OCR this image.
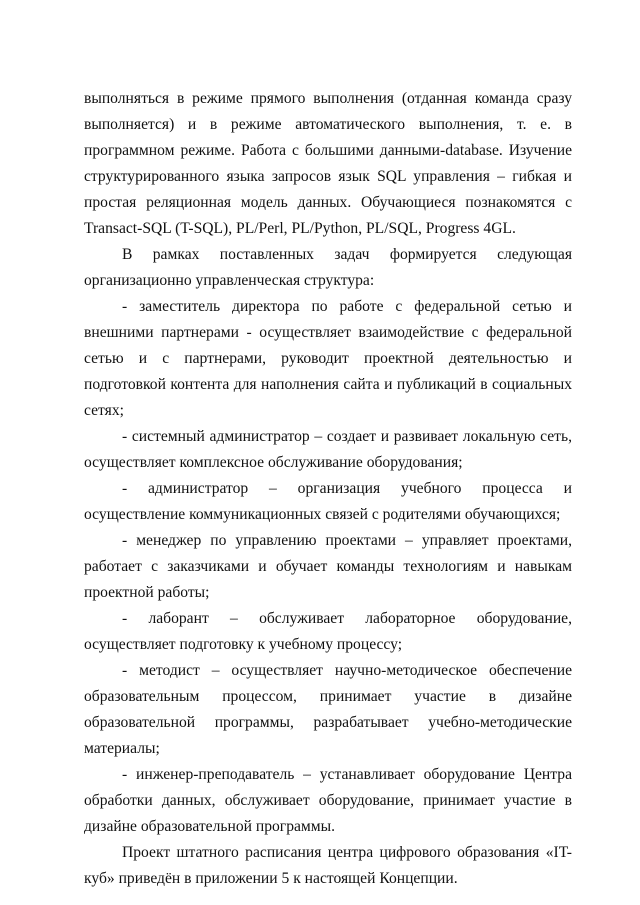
выполняться в режиме прямого выполнения (отданная команда сразу выполняется) и в режиме автоматического выполнения, т. е. в программном режиме. Работа с большими данными-database. Изучение структурированного языка запросов язык SQL управления – гибкая и простая реляционная модель данных. Обучающиеся познакомятся с Transact-SQL (T-SQL), PL/Perl, PL/Python, PL/SQL, Progress 4GL.

В рамках поставленных задач формируется следующая организационно управленческая структура:

- заместитель директора по работе с федеральной сетью и внешними партнерами - осуществляет взаимодействие с федеральной сетью и с партнерами, руководит проектной деятельностью и подготовкой контента для наполнения сайта и публикаций в социальных сетях;

- системный администратор – создает и развивает локальную сеть, осуществляет комплексное обслуживание оборудования;

- администратор – организация учебного процесса и осуществление коммуникационных связей с родителями обучающихся;

- менеджер по управлению проектами – управляет проектами, работает с заказчиками и обучает команды технологиям и навыкам проектной работы;

- лаборант – обслуживает лабораторное оборудование, осуществляет подготовку к учебному процессу;

- методист – осуществляет научно-методическое обеспечение образовательным процессом, принимает участие в дизайне образовательной программы, разрабатывает учебно-методические материалы;

- инженер-преподаватель – устанавливает оборудование Центра обработки данных, обслуживает оборудование, принимает участие в дизайне образовательной программы.

Проект штатного расписания центра цифрового образования «IT-куб» приведён в приложении 5 к настоящей Концепции.
